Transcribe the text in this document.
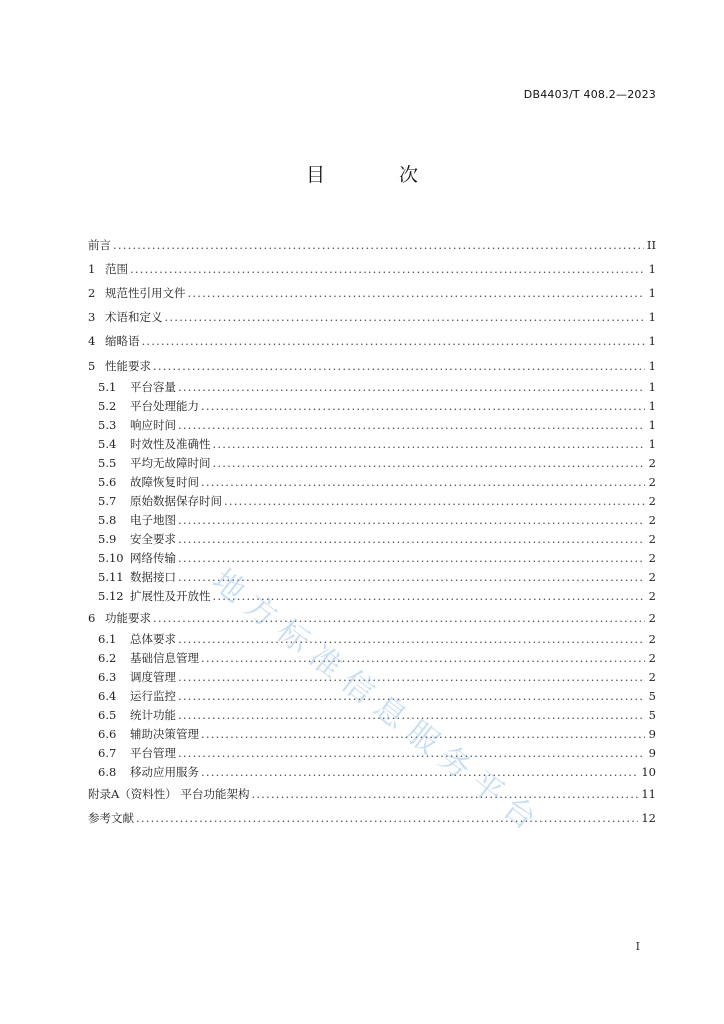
DB4403/T 408.2—2023
目 次
前言 .....	II
1 范围 .....	1
2 规范性引用文件 .....	1
3 术语和定义 .....	1
4 缩略语 .....	1
5 性能要求 .....	1
5.1	平台容量 .....	1
5.2	平台处理能力 .....	1
5.3	响应时间 .....	1
5.4	时效性及准确性 .....	1
5.5	平均无故障时间 .....	2
5.6	故障恢复时间 .....	2
5.7	原始数据保存时间 .....	2
5.8	电子地图 .....	2
5.9	安全要求 .....	2
5.10 网络传输 .....	2
5.11 数据接口 .....	2
5.12 扩展性及开放性 .....	2
6 功能要求 .....	2
6.1	总体要求 .....	2
6.2	基础信息管理 .....	2
6.3	调度管理 .....	2
6.4	运行监控 .....	5
6.5	统计功能 .....	5
6.6	辅助决策管理 .....	9
6.7	平台管理 .....	9
6.8	移动应用服务 .....	10
附录A（资料性） 平台功能架构 .....	11
参考文献 .....	12
I
地方标准信息服务平台
